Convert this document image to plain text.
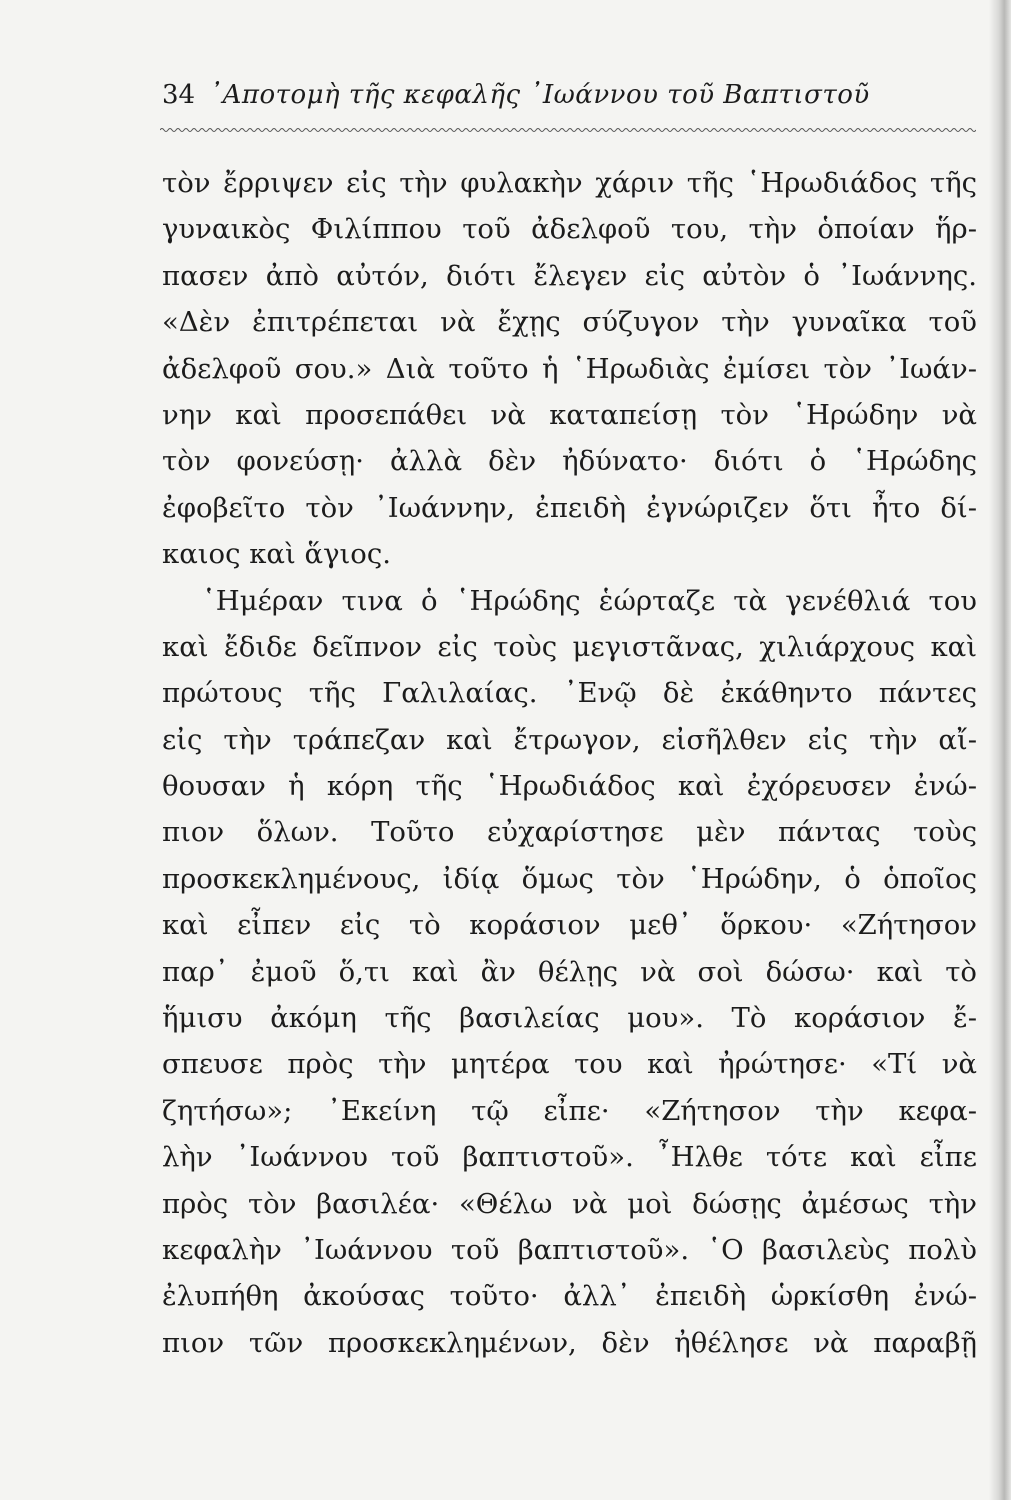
34 ᾿Αποτομὴ τῆς κεφαλῆς ᾿Ιωάννου τοῦ Βαπτιστοῦ
τὸν ἔρριψεν εἰς τὴν φυλακὴν χάριν τῆς ῾Ηρωδιάδος τῆς
γυναικὸς Φιλίππου τοῦ ἀδελφοῦ του, τὴν ὁποίαν ἥρ-
πασεν ἀπὸ αὐτόν, διότι ἔλεγεν εἰς αὐτὸν ὁ ᾿Ιωάννης.
«Δὲν ἐπιτρέπεται νὰ ἔχῃς σύζυγον τὴν γυναῖκα τοῦ
ἀδελφοῦ σου.» Διὰ τοῦτο ἡ ῾Ηρωδιὰς ἐμίσει τὸν ᾿Ιωάν-
νην καὶ προσεπάθει νὰ καταπείσῃ τὸν ῾Ηρώδην νὰ
τὸν φονεύσῃ· ἀλλὰ δὲν ἠδύνατο· διότι ὁ ῾Ηρώδης
ἐφοβεῖτο τὸν ᾿Ιωάννην, ἐπειδὴ ἐγνώριζεν ὅτι ἦτο δί-
καιος καὶ ἅγιος.
῾Ημέραν τινα ὁ ῾Ηρώδης ἑώρταζε τὰ γενέθλιά του
καὶ ἔδιδε δεῖπνον εἰς τοὺς μεγιστᾶνας, χιλιάρχους καὶ
πρώτους τῆς Γαλιλαίας. ᾿Ενῷ δὲ ἐκάθηντο πάντες
εἰς τὴν τράπεζαν καὶ ἔτρωγον, εἰσῆλθεν εἰς τὴν αἴ-
θουσαν ἡ κόρη τῆς ῾Ηρωδιάδος καὶ ἐχόρευσεν ἐνώ-
πιον ὅλων. Τοῦτο εὐχαρίστησε μὲν πάντας τοὺς
προσκεκλημένους, ἰδίᾳ ὅμως τὸν ῾Ηρώδην, ὁ ὁποῖος
καὶ εἶπεν εἰς τὸ κοράσιον μεθ᾿ ὅρκου· «Ζήτησον
παρ᾿ ἐμοῦ ὅ,τι καὶ ἂν θέλῃς νὰ σοὶ δώσω· καὶ τὸ
ἥμισυ ἀκόμη τῆς βασιλείας μου». Τὸ κοράσιον ἔ-
σπευσε πρὸς τὴν μητέρα του καὶ ἠρώτησε· «Τί νὰ
ζητήσω»; ᾿Εκείνη τῷ εἶπε· «Ζήτησον τὴν κεφα-
λὴν ᾿Ιωάννου τοῦ βαπτιστοῦ». ῏Ηλθε τότε καὶ εἶπε
πρὸς τὸν βασιλέα· «Θέλω νὰ μοὶ δώσῃς ἀμέσως τὴν
κεφαλὴν ᾿Ιωάννου τοῦ βαπτιστοῦ». ῾Ο βασιλεὺς πολὺ
ἐλυπήθη ἀκούσας τοῦτο· ἀλλ᾿ ἐπειδὴ ὡρκίσθη ἐνώ-
πιον τῶν προσκεκλημένων, δὲν ἠθέλησε νὰ παραβῇ
